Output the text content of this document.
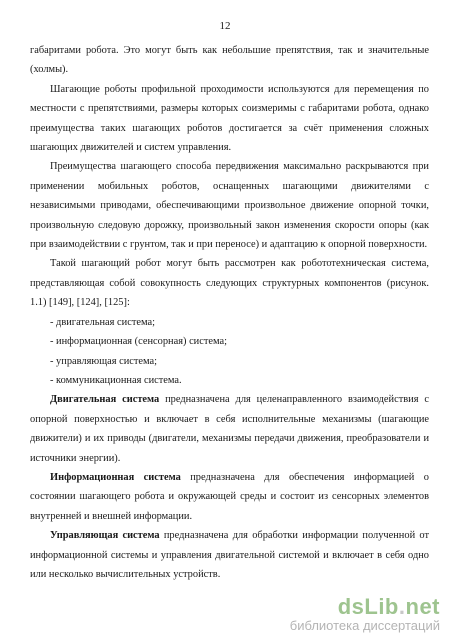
12

габаритами робота. Это могут быть как небольшие препятствия, так и значительные (холмы).

Шагающие роботы профильной проходимости используются для перемещения по местности с препятствиями, размеры которых соизмеримы с габаритами робота, однако преимущества таких шагающих роботов достигается за счёт применения сложных шагающих движителей и систем управления.

Преимущества шагающего способа передвижения максимально раскрываются при применении мобильных роботов, оснащенных шагающими движителями с независимыми приводами, обеспечивающими произвольное движение опорной точки, произвольную следовую дорожку, произвольный закон изменения скорости опоры (как при взаимодействии с грунтом, так и при переносе) и адаптацию к опорной поверхности.

Такой шагающий робот могут быть рассмотрен как робототехническая система, представляющая собой совокупность следующих структурных компонентов (рисунок. 1.1) [149], [124], [125]:

- двигательная система;

- информационная (сенсорная) система;

- управляющая система;

- коммуникационная система.

Двигательная система предназначена для целенаправленного взаимодействия с опорной поверхностью и включает в себя исполнительные механизмы (шагающие движители) и их приводы (двигатели, механизмы передачи движения, преобразователи и источники энергии).

Информационная система предназначена для обеспечения информацией о состоянии шагающего робота и окружающей среды и состоит из сенсорных элементов внутренней и внешней информации.

Управляющая система предназначена для обработки информации полученной от информационной системы и управления двигательной системой и включает в себя одно или несколько вычислительных устройств.

dsLib.net
библиотека диссертаций
